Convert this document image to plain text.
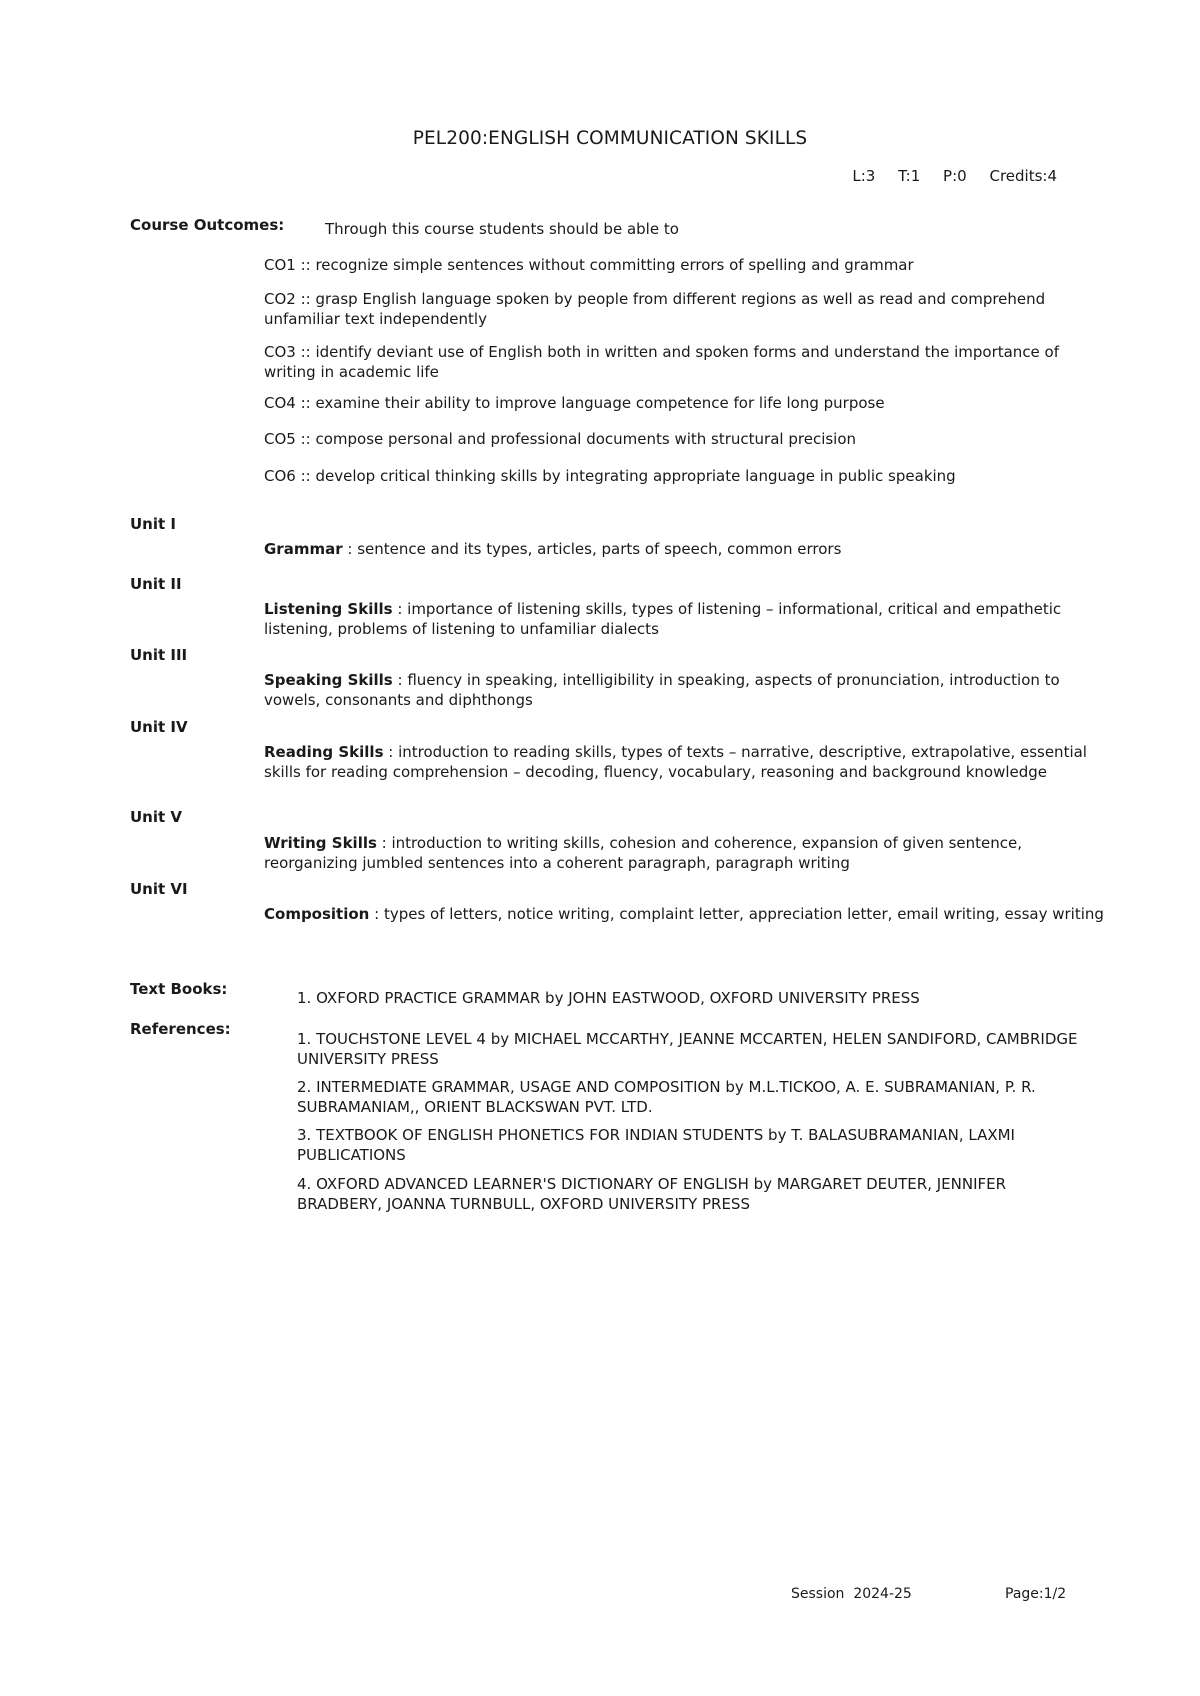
PEL200:ENGLISH COMMUNICATION SKILLS
L:3 T:1 P:0 Credits:4
Course Outcomes:	Through this course students should be able to
CO1 :: recognize simple sentences without committing errors of spelling and grammar
CO2 :: grasp English language spoken by people from different regions as well as read and comprehend unfamiliar text independently
CO3 :: identify deviant use of English both in written and spoken forms and understand the importance of writing in academic life
CO4 :: examine their ability to improve language competence for life long purpose
CO5 :: compose personal and professional documents with structural precision
CO6 :: develop critical thinking skills by integrating appropriate language in public speaking
Unit I
Grammar : sentence and its types, articles, parts of speech, common errors
Unit II
Listening Skills : importance of listening skills, types of listening – informational, critical and empathetic listening, problems of listening to unfamiliar dialects
Unit III
Speaking Skills : fluency in speaking, intelligibility in speaking, aspects of pronunciation, introduction to vowels, consonants and diphthongs
Unit IV
Reading Skills : introduction to reading skills, types of texts – narrative, descriptive, extrapolative, essential skills for reading comprehension – decoding, fluency, vocabulary, reasoning and background knowledge
Unit V
Writing Skills : introduction to writing skills, cohesion and coherence, expansion of given sentence, reorganizing jumbled sentences into a coherent paragraph, paragraph writing
Unit VI
Composition : types of letters, notice writing, complaint letter, appreciation letter, email writing, essay writing
Text Books:	1. OXFORD PRACTICE GRAMMAR by JOHN EASTWOOD, OXFORD UNIVERSITY PRESS
References:
1. TOUCHSTONE LEVEL 4 by MICHAEL MCCARTHY, JEANNE MCCARTEN, HELEN SANDIFORD, CAMBRIDGE UNIVERSITY PRESS
2. INTERMEDIATE GRAMMAR, USAGE AND COMPOSITION by M.L.TICKOO, A. E. SUBRAMANIAN, P. R. SUBRAMANIAM,, ORIENT BLACKSWAN PVT. LTD.
3. TEXTBOOK OF ENGLISH PHONETICS FOR INDIAN STUDENTS by T. BALASUBRAMANIAN, LAXMI PUBLICATIONS
4. OXFORD ADVANCED LEARNER'S DICTIONARY OF ENGLISH by MARGARET DEUTER, JENNIFER BRADBERY, JOANNA TURNBULL, OXFORD UNIVERSITY PRESS
Session  2024-25	Page:1/2
